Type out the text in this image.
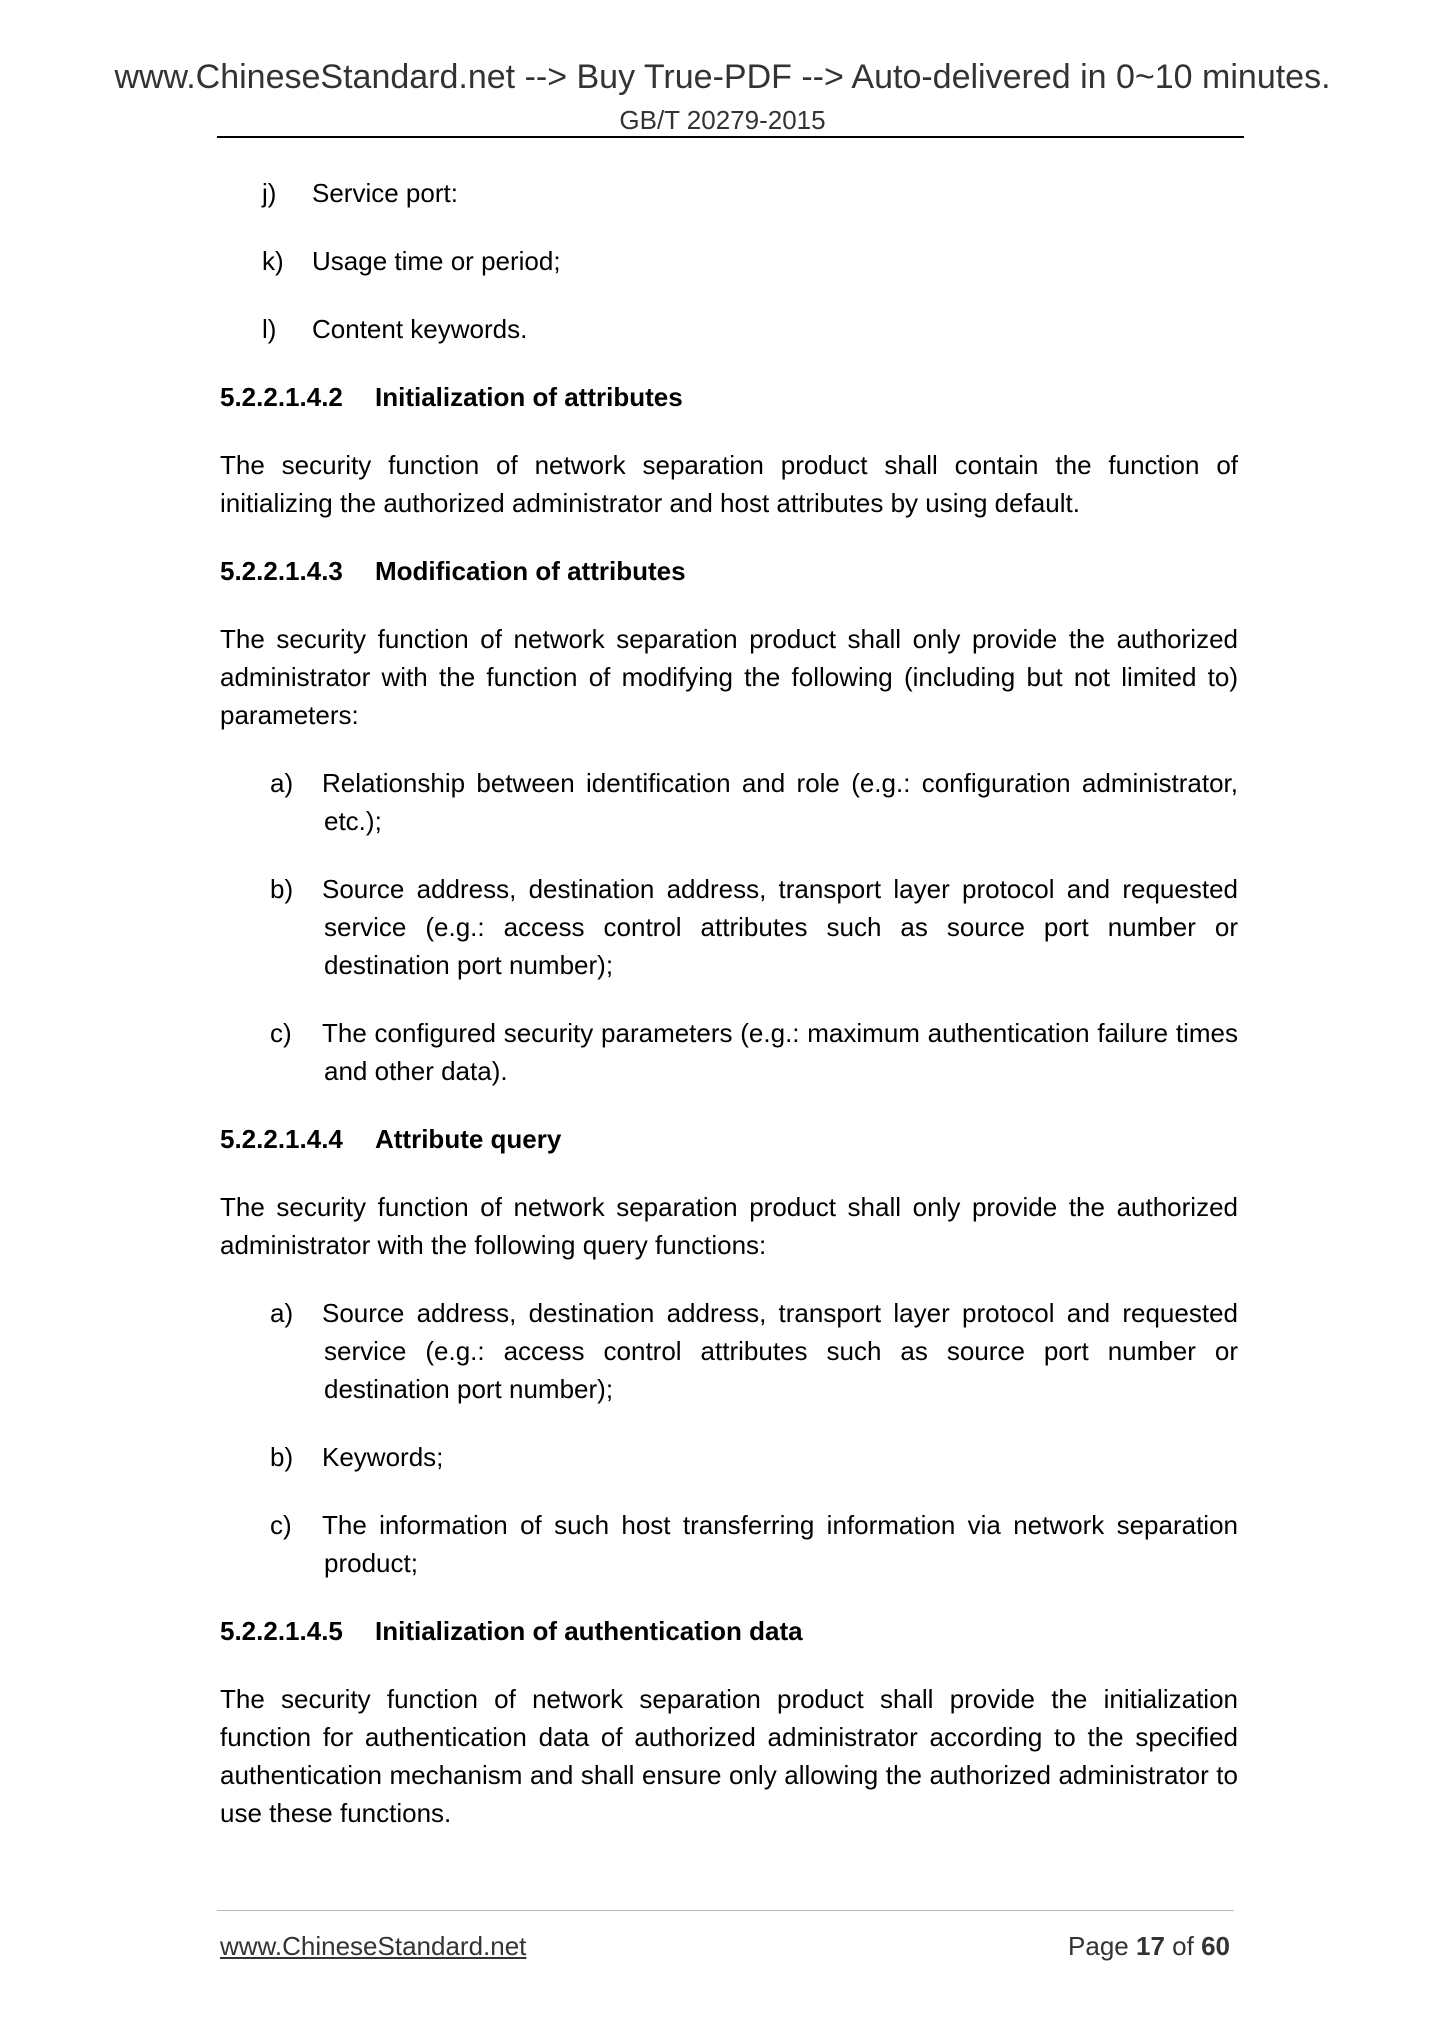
www.ChineseStandard.net --> Buy True-PDF --> Auto-delivered in 0~10 minutes.
GB/T 20279-2015
j)	Service port:
k)	Usage time or period;
l)	Content keywords.
5.2.2.1.4.2	Initialization of attributes

The security function of network separation product shall contain the function of initializing the authorized administrator and host attributes by using default.

5.2.2.1.4.3	Modification of attributes

The security function of network separation product shall only provide the authorized administrator with the function of modifying the following (including but not limited to) parameters:

a)	Relationship between identification and role (e.g.: configuration administrator, etc.);
b)	Source address, destination address, transport layer protocol and requested service (e.g.: access control attributes such as source port number or destination port number);
c)	The configured security parameters (e.g.: maximum authentication failure times and other data).
5.2.2.1.4.4	Attribute query

The security function of network separation product shall only provide the authorized administrator with the following query functions:

a)	Source address, destination address, transport layer protocol and requested service (e.g.: access control attributes such as source port number or destination port number);
b)	Keywords;
c)	The information of such host transferring information via network separation product;
5.2.2.1.4.5	Initialization of authentication data

The security function of network separation product shall provide the initialization function for authentication data of authorized administrator according to the specified authentication mechanism and shall ensure only allowing the authorized administrator to use these functions.

www.ChineseStandard.net	Page 17 of 60
